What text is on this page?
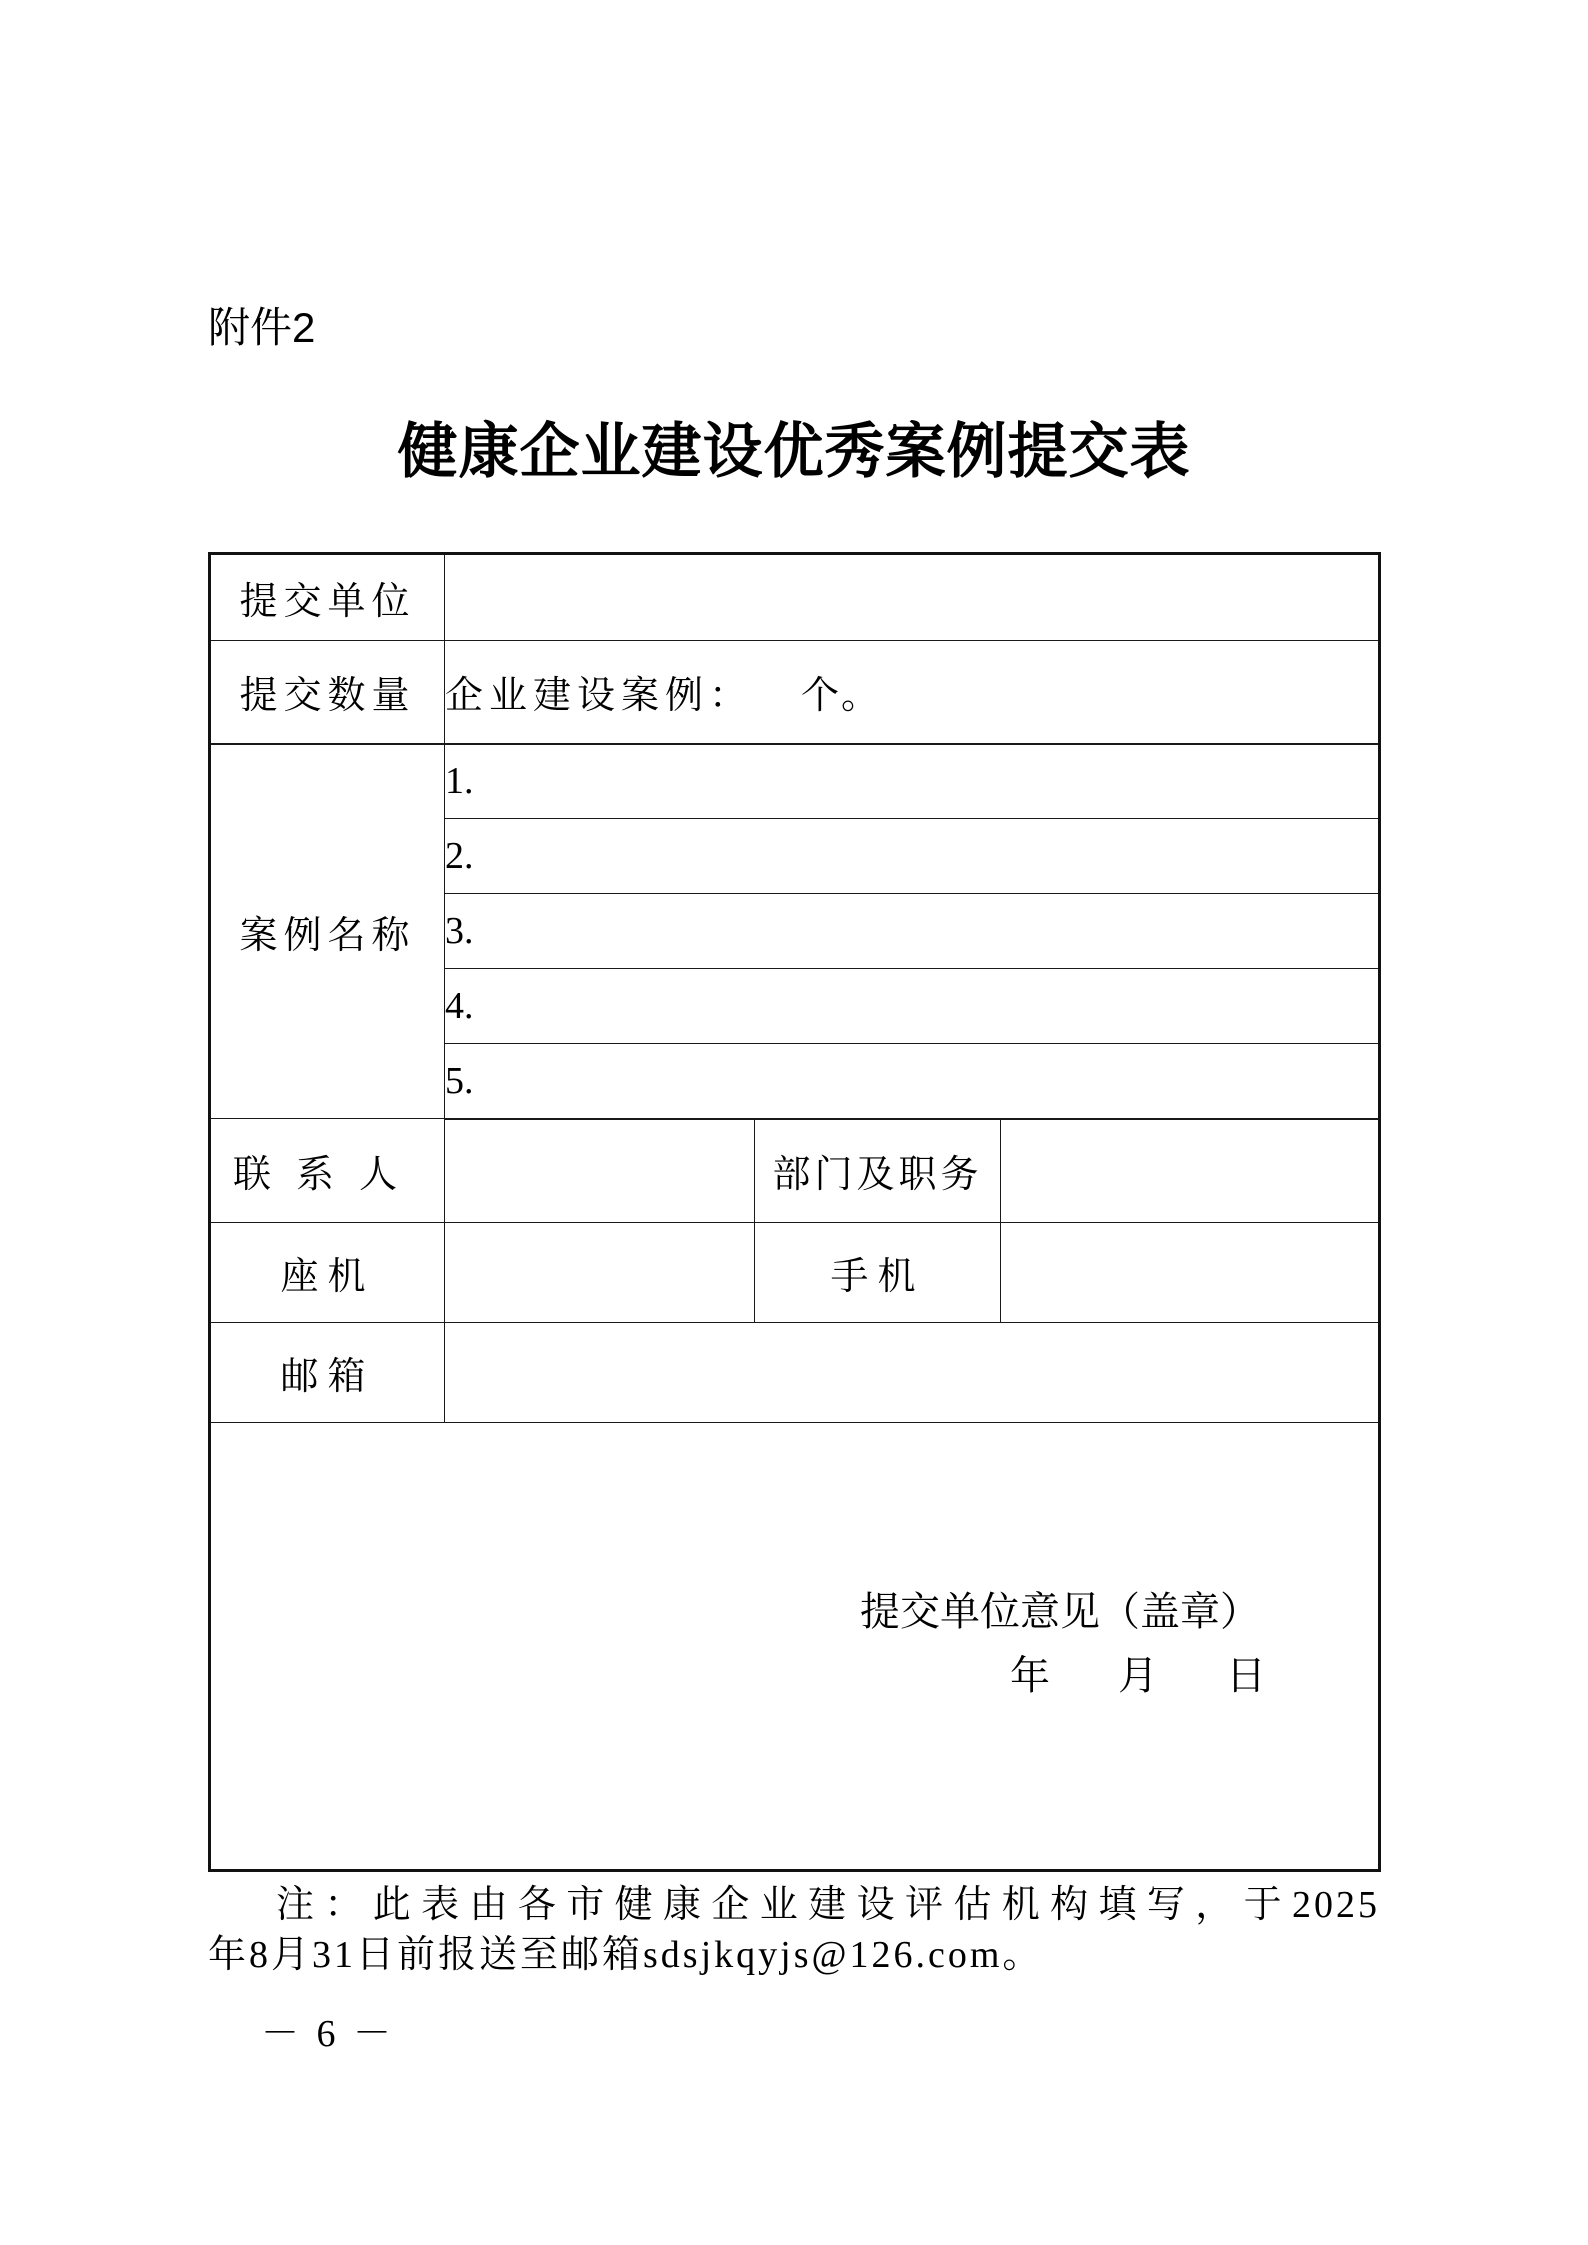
附件2
健康企业建设优秀案例提交表
提交单位			
提交数量	企业建设案例： 个。		
案例名称	1.		
	2.		
	3.		
	4.		
	5.		
联系人		部门及职务	
座机		手机	
邮箱			

提交单位意见（盖章）
年 月 日			
注：此表由各市健康企业建设评估机构填写，于2025
年8月31日前报送至邮箱sdsjkqyjs@126.com。
－ 6 －
